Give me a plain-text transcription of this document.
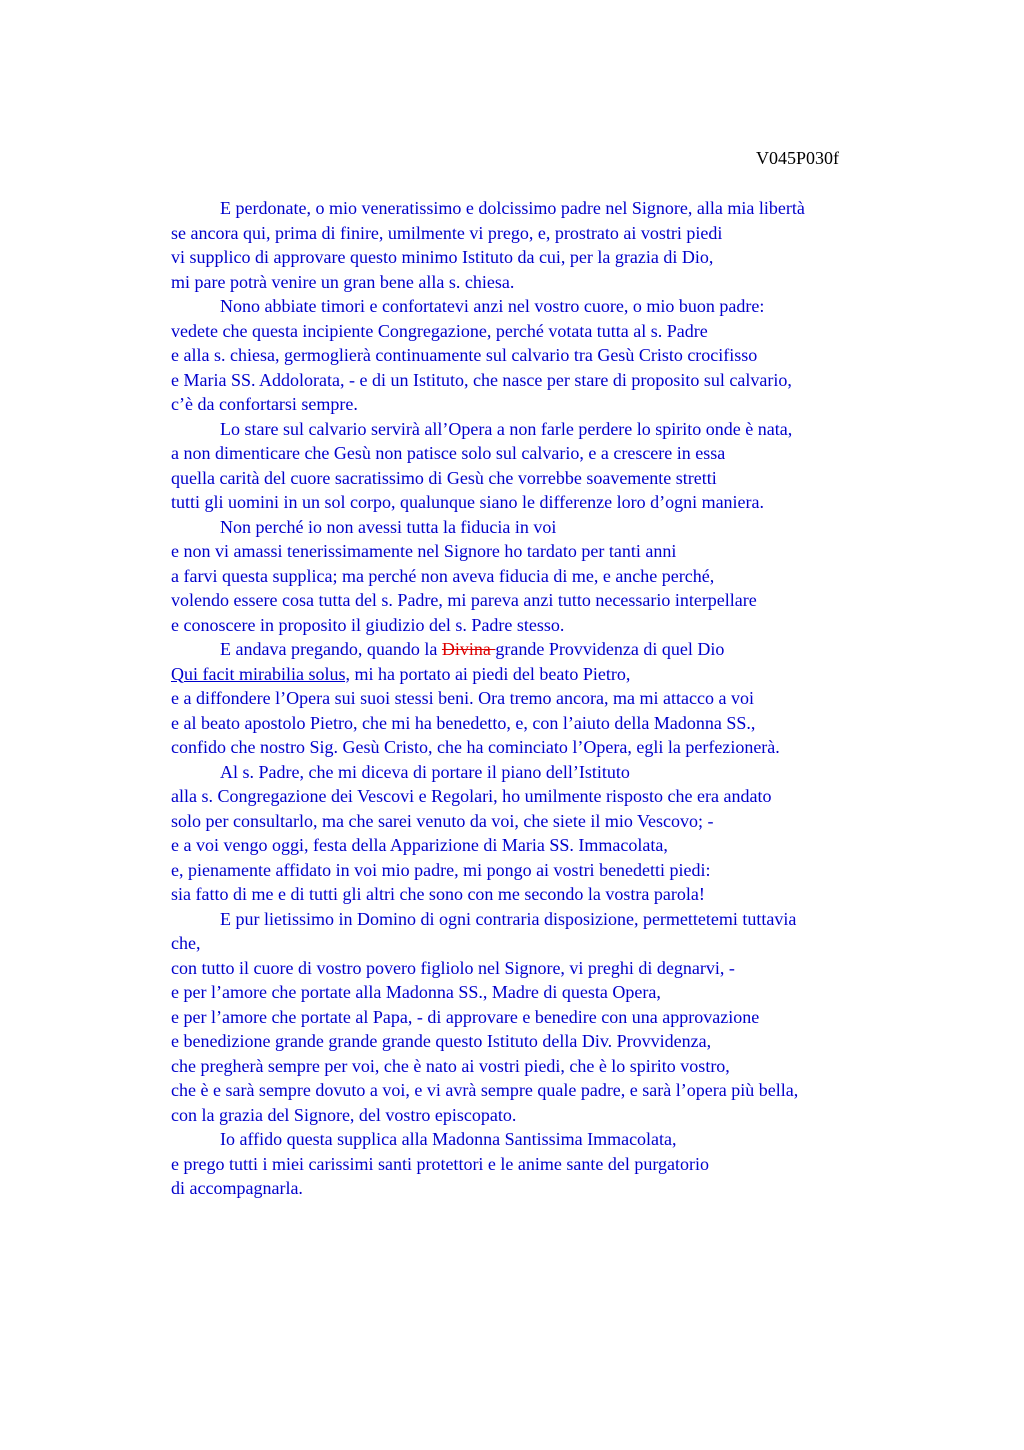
V045P030f
E perdonate, o mio veneratissimo e dolcissimo padre nel Signore, alla mia libertà
se ancora qui, prima di finire, umilmente vi prego, e, prostrato ai vostri piedi
vi supplico di approvare questo minimo Istituto da cui, per la grazia di Dio,
mi pare potrà venire un gran bene alla s. chiesa.
Nono abbiate timori e confortatevi anzi nel vostro cuore, o mio buon padre:
vedete che questa incipiente Congregazione, perché votata tutta al s. Padre
e alla s. chiesa, germoglierà continuamente sul calvario tra Gesù Cristo crocifisso
e Maria SS. Addolorata, - e di un Istituto, che nasce per stare di proposito sul calvario,
c’è da confortarsi sempre.
Lo stare sul calvario servirà all’Opera a non farle perdere lo spirito onde è nata,
a non dimenticare che Gesù non patisce solo sul calvario, e a crescere in essa
quella carità del cuore sacratissimo di Gesù che vorrebbe soavemente stretti
tutti gli uomini in un sol corpo, qualunque siano le differenze loro d’ogni maniera.
Non perché io non avessi tutta la fiducia in voi
e non vi amassi tenerissimamente nel Signore ho tardato per tanti anni
a farvi questa supplica; ma perché non aveva fiducia di me, e anche perché,
volendo essere cosa tutta del s. Padre, mi pareva anzi tutto necessario interpellare
e conoscere in proposito il giudizio del s. Padre stesso.
E andava pregando, quando la Divina grande Provvidenza di quel Dio
Qui facit mirabilia solus, mi ha portato ai piedi del beato Pietro,
e a diffondere l’Opera sui suoi stessi beni. Ora tremo ancora, ma mi attacco a voi
e al beato apostolo Pietro, che mi ha benedetto, e, con l’aiuto della Madonna SS.,
confido che nostro Sig. Gesù Cristo, che ha cominciato l’Opera, egli la perfezionerà.
Al s. Padre, che mi diceva di portare il piano dell’Istituto
alla s. Congregazione dei Vescovi e Regolari, ho umilmente risposto che era andato
solo per consultarlo, ma che sarei venuto da voi, che siete il mio Vescovo; -
e a voi vengo oggi, festa della Apparizione di Maria SS. Immacolata,
e, pienamente affidato in voi mio padre, mi pongo ai vostri benedetti piedi:
sia fatto di me e di tutti gli altri che sono con me secondo la vostra parola!
E pur lietissimo in Domino di ogni contraria disposizione, permettetemi tuttavia
che,
con tutto il cuore di vostro povero figliolo nel Signore, vi preghi di degnarvi, -
e per l’amore che portate alla Madonna SS., Madre di questa Opera,
e per l’amore che portate al Papa, - di approvare e benedire con una approvazione
e benedizione grande grande grande questo Istituto della Div. Provvidenza,
che pregherà sempre per voi, che è nato ai vostri piedi, che è lo spirito vostro,
che è e sarà sempre dovuto a voi, e vi avrà sempre quale padre, e sarà l’opera più bella,
con la grazia del Signore, del vostro episcopato.
Io affido questa supplica alla Madonna Santissima Immacolata,
e prego tutti i miei carissimi santi protettori e le anime sante del purgatorio
di accompagnarla.
